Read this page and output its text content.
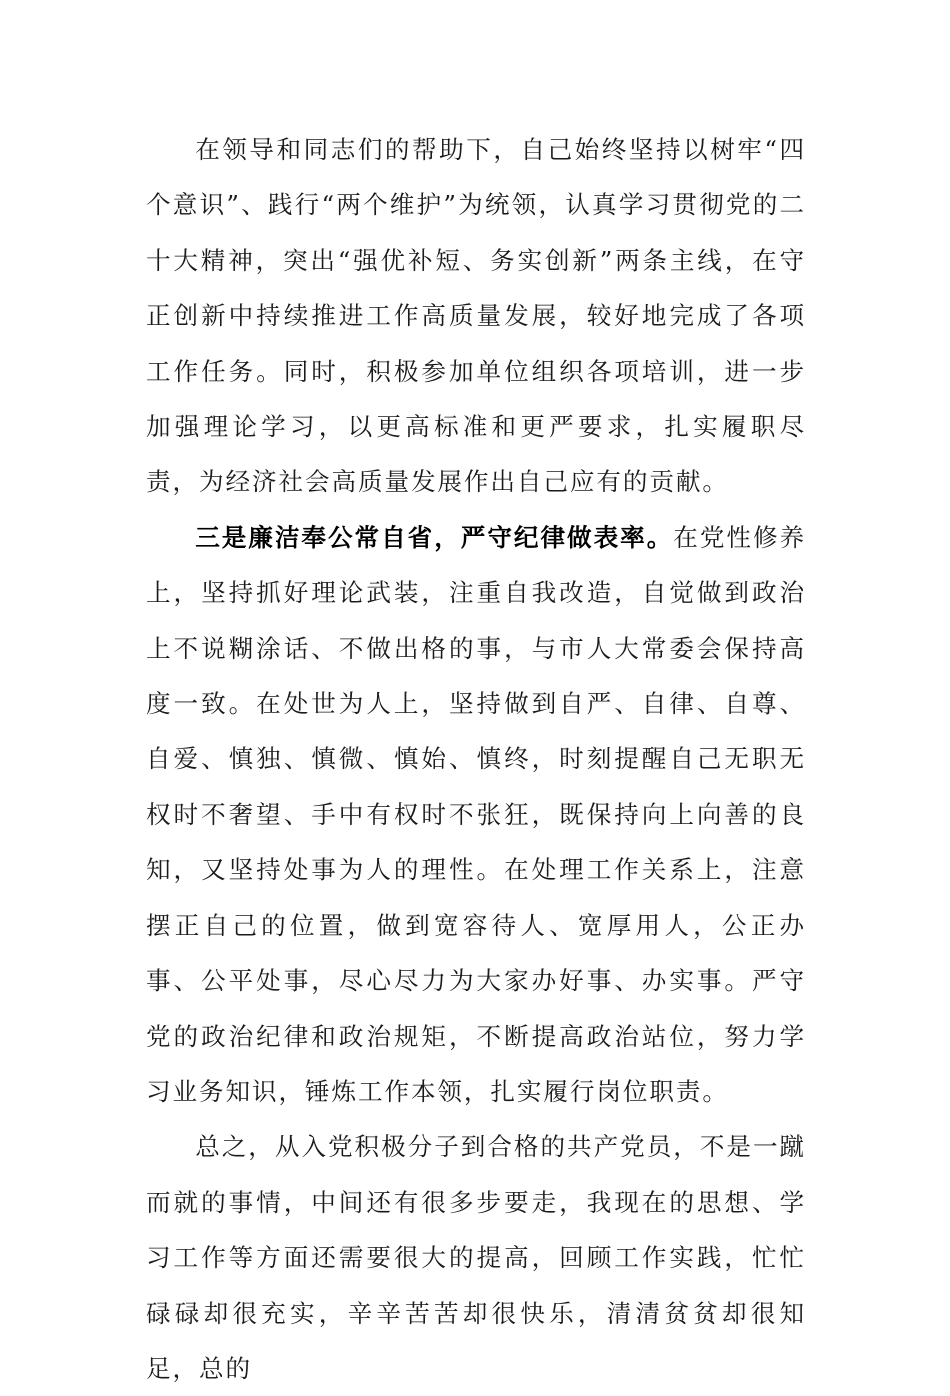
在领导和同志们的帮助下，自己始终坚持以树牢“四个意识”、践行“两个维护”为统领，认真学习贯彻党的二十大精神，突出“强优补短、务实创新”两条主线，在守正创新中持续推进工作高质量发展，较好地完成了各项工作任务。同时，积极参加单位组织各项培训，进一步加强理论学习，以更高标准和更严要求，扎实履职尽责，为经济社会高质量发展作出自己应有的贡献。

三是廉洁奉公常自省，严守纪律做表率。在党性修养上，坚持抓好理论武装，注重自我改造，自觉做到政治上不说糊涂话、不做出格的事，与市人大常委会保持高度一致。在处世为人上，坚持做到自严、自律、自尊、自爱、慎独、慎微、慎始、慎终，时刻提醒自己无职无权时不奢望、手中有权时不张狂，既保持向上向善的良知，又坚持处事为人的理性。在处理工作关系上，注意摆正自己的位置，做到宽容待人、宽厚用人，公正办事、公平处事，尽心尽力为大家办好事、办实事。严守党的政治纪律和政治规矩，不断提高政治站位，努力学习业务知识，锤炼工作本领，扎实履行岗位职责。

总之，从入党积极分子到合格的共产党员，不是一蹴而就的事情，中间还有很多步要走，我现在的思想、学习工作等方面还需要很大的提高，回顾工作实践，忙忙碌碌却很充实，辛辛苦苦却很快乐，清清贫贫却很知足，总的
